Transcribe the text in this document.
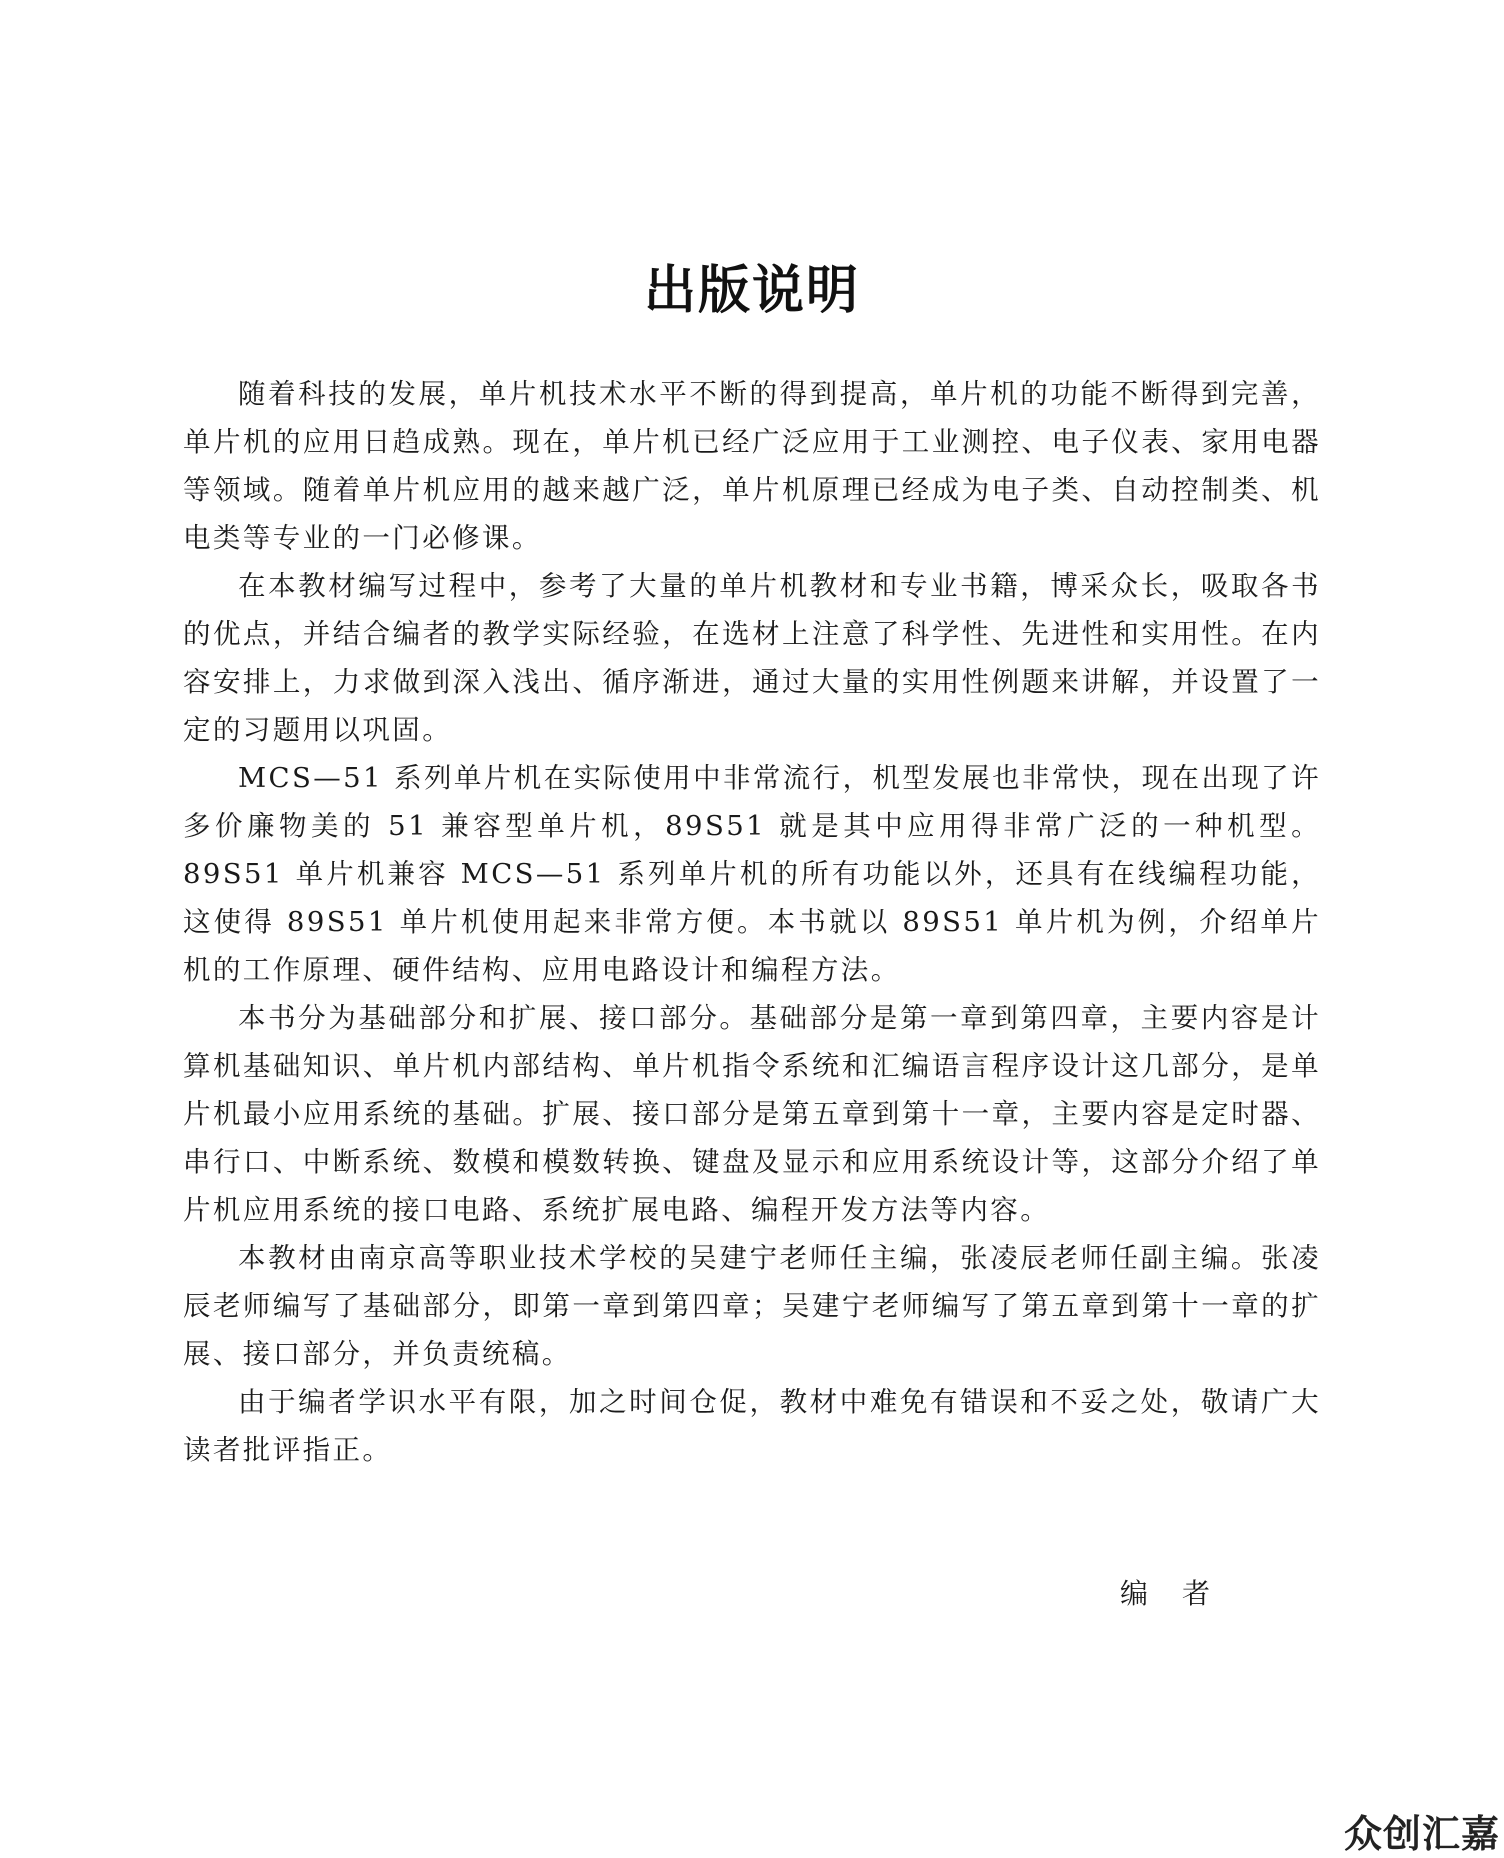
出版说明

随着科技的发展，单片机技术水平不断的得到提高，单片机的功能不断得到完善，单片机的应用日趋成熟。现在，单片机已经广泛应用于工业测控、电子仪表、家用电器等领域。随着单片机应用的越来越广泛，单片机原理已经成为电子类、自动控制类、机电类等专业的一门必修课。

在本教材编写过程中，参考了大量的单片机教材和专业书籍，博采众长，吸取各书的优点，并结合编者的教学实际经验，在选材上注意了科学性、先进性和实用性。在内容安排上，力求做到深入浅出、循序渐进，通过大量的实用性例题来讲解，并设置了一定的习题用以巩固。

MCS—51 系列单片机在实际使用中非常流行，机型发展也非常快，现在出现了许多价廉物美的 51 兼容型单片机，89S51 就是其中应用得非常广泛的一种机型。89S51 单片机兼容 MCS—51 系列单片机的所有功能以外，还具有在线编程功能，这使得 89S51 单片机使用起来非常方便。本书就以 89S51 单片机为例，介绍单片机的工作原理、硬件结构、应用电路设计和编程方法。

本书分为基础部分和扩展、接口部分。基础部分是第一章到第四章，主要内容是计算机基础知识、单片机内部结构、单片机指令系统和汇编语言程序设计这几部分，是单片机最小应用系统的基础。扩展、接口部分是第五章到第十一章，主要内容是定时器、串行口、中断系统、数模和模数转换、键盘及显示和应用系统设计等，这部分介绍了单片机应用系统的接口电路、系统扩展电路、编程开发方法等内容。

本教材由南京高等职业技术学校的吴建宁老师任主编，张凌辰老师任副主编。张凌辰老师编写了基础部分，即第一章到第四章；吴建宁老师编写了第五章到第十一章的扩展、接口部分，并负责统稿。

由于编者学识水平有限，加之时间仓促，教材中难免有错误和不妥之处，敬请广大读者批评指正。

编者
众创汇嘉
